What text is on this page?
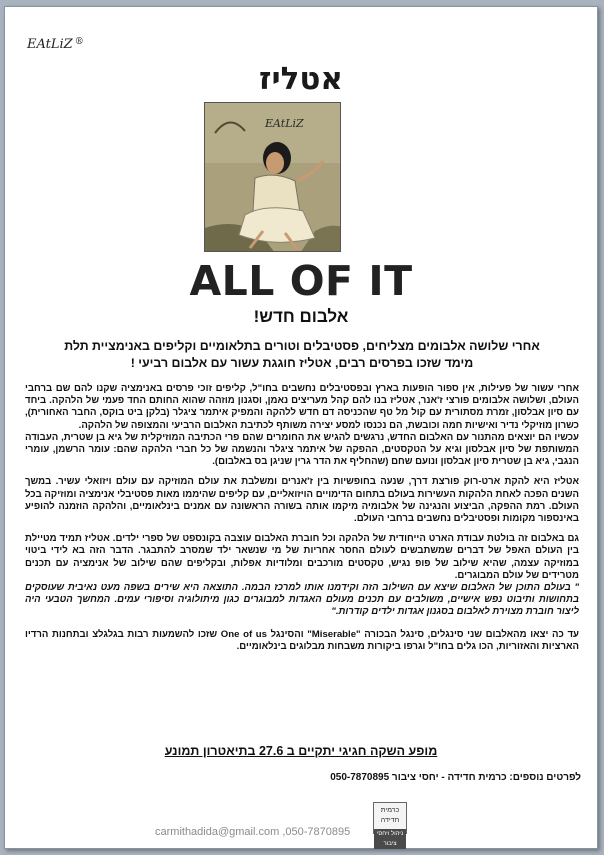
EAtLiZ ®
אטליז
EAtLiZ
ALL OF IT
אלבום חדש!
אחרי שלושה אלבומים מצליחים, פסטיבלים וטורים בתלאומיים וקליפים באנימציית תלת
מימד שזכו בפרסים רבים, אטליז חוגגת עשור עם אלבום רביעי !

אחרי עשור של פעילות, אין ספור הופעות בארץ ובפסטיבלים נחשבים בחו"ל, קליפים זוכי פרסים באנימציה שקנו להם שם ברחבי העולם, ושלושה אלבומים פורצי ז'אנר, אטליז בנו להם קהל מעריצים נאמן, וסגנון מוזהה שהוא החותם החד פעמי של הלהקה. ביחד עם סיון אבלסון, זמרת מסתורית עם קול מל טף שהכניסה דם חדש ללהקה והמפיק איתמר ציגלר (בלקן ביט בוקס, החבר האחורית), כשרון מוזיקלי נדיר ואישיות חמה וכובשת, הם נכנסו למסע יצירה משותף לכתיבת האלבום הרביעי והמצופה של הלהקה.

עכשיו הם יוצאים מהתנור עם האלבום החדש, נרגשים להגיש את החומרים שהם פרי הכתיבה המוזיקלית של גיא בן שטרית, העבודה המשותפת של סיון אבלסון וגיא על הטקסטים, ההפקה של איתמר ציגלר והנשמה של כל חברי הלהקה שהם: עומר הרשמן, עומרי הנגבי, גיא בן שטרית סיון אבלסון ונועם שחם (שהחליף את הדר גרין שניגן בס באלבום).

אטליז היא להקת ארט-רוק פורצת דרך, שנעה בחופשיות בין ז'אנרים ומשלבת את עולם המוזיקה עם עולם ויזואלי עשיר. במשך השנים הפכה לאחת הלהקות העשירות בעולם בתחום הדימויים הויזואליים, עם קליפים שהיממו מאות פסטיבלי אנימציה ומוזיקה בכל העולם. רמת ההפקה, הביצוע והנגינה של אלבומיה מיקמו אותה בשורה הראשונה עם אמנים בינלאומיים, והלהקה הוזמנה להופיע באינספור מקומות ופסטיבלים נחשבים ברחבי העולם.

גם באלבום זה בולטת עבודת הארט הייחודית של הלהקה וכל חוברת האלבום עוצבה בקונספט של ספרי ילדים. אטליז תמיד מטיילת בין העולם האפל של דברים שמשתבשים לעולם החסר אחריות של מי שנשאר ילד שמסרב להתבגר. הדבר הזה בא לידי ביטוי במוזיקה עצמה, שהיא שילוב של פופ נגיש, טקסטים מורכבים ומלודיות אפלות, ובקליפים שהם שילוב של אנימציה עם תכנים מטרידים של עולם המבוגרים.

" בעולם התוכן של האלבום שיצא עם השילוב הזה וקידמנו אותו למרכז הבמה. התוצאה היא שירים בשפה מעט נאיבית שעוסקים בתחושות ותיבוט נפש אישיים, משולבים עם תכנים מעולם האגדות למבוגרים כגון מיתולוגיה וסיפורי עמים. המחשך הטבעי היה ליצור חוברת מצוירת לאלבום בסגנון אגדות ילדים קודרות."

עד כה יצאו מהאלבום שני סינגלים, סינגל הבכורה "Miserable" והסינגל One of us שזכו להשמעות רבות בגלגלצ ובתחנות הרדיו הארציות והאזוריות, הכו גלים בחו"ל וגרפו ביקורות משבחות מבלוגים בינלאומיים.

מופע השקה חגיגי יתקיים ב 27.6 בתיאטרון תמונע
לפרטים נוספים: כרמית חדידה - יחסי ציבור 050-7870895
כרמית חדידה
ניהול ויחסי ציבור
carmithadida@gmail.com ,050-7870895
